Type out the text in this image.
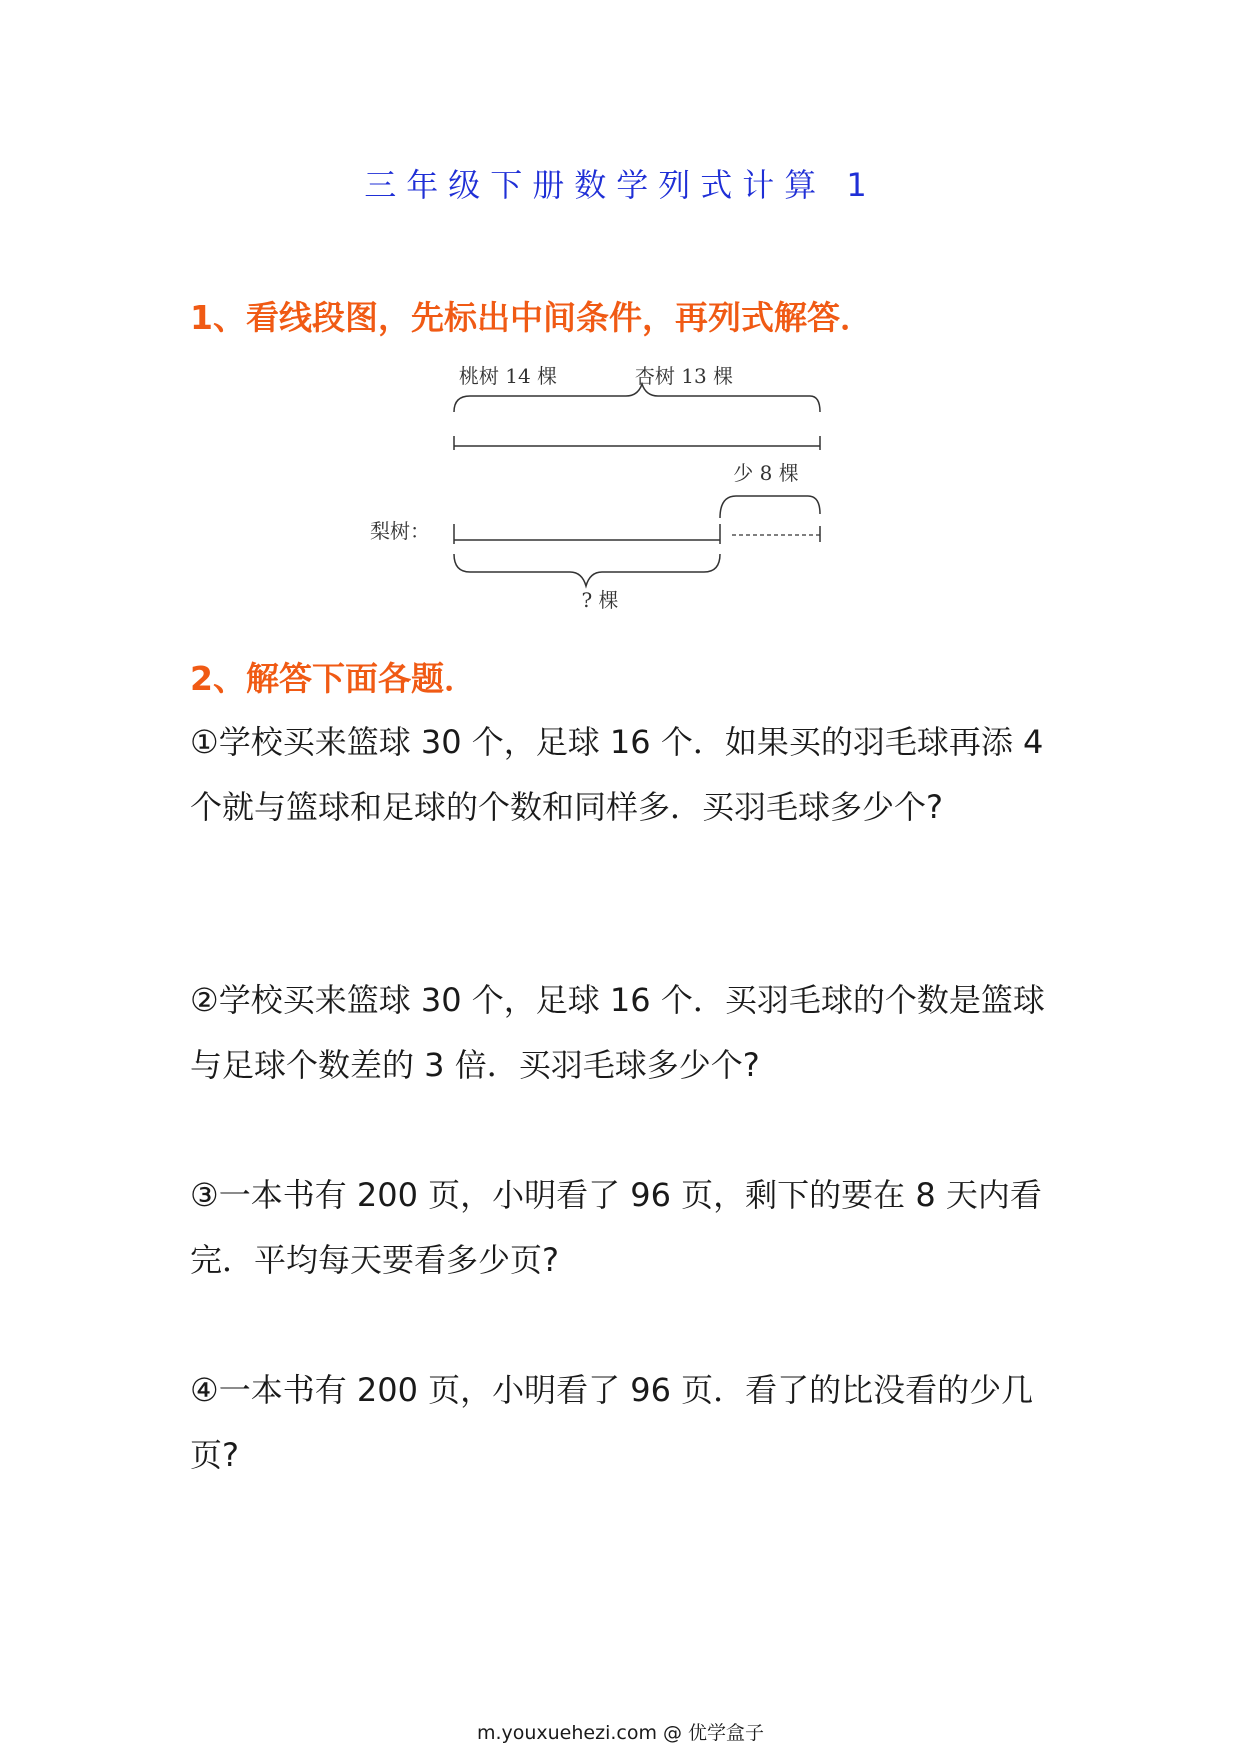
三年级下册数学列式计算 1
1、看线段图，先标出中间条件，再列式解答．
桃树 14 棵	杏树 13 棵
少 8 棵
梨树：
? 棵
2、解答下面各题．
①学校买来篮球 30 个，足球 16 个．如果买的羽毛球再添 4 个就与篮球和足球的个数和同样多．买羽毛球多少个?
②学校买来篮球 30 个，足球 16 个．买羽毛球的个数是篮球与足球个数差的 3 倍．买羽毛球多少个?
③一本书有 200 页，小明看了 96 页，剩下的要在 8 天内看完．平均每天要看多少页?
④一本书有 200 页，小明看了 96 页．看了的比没看的少几页?
m.youxuehezi.com @ 优学盒子
